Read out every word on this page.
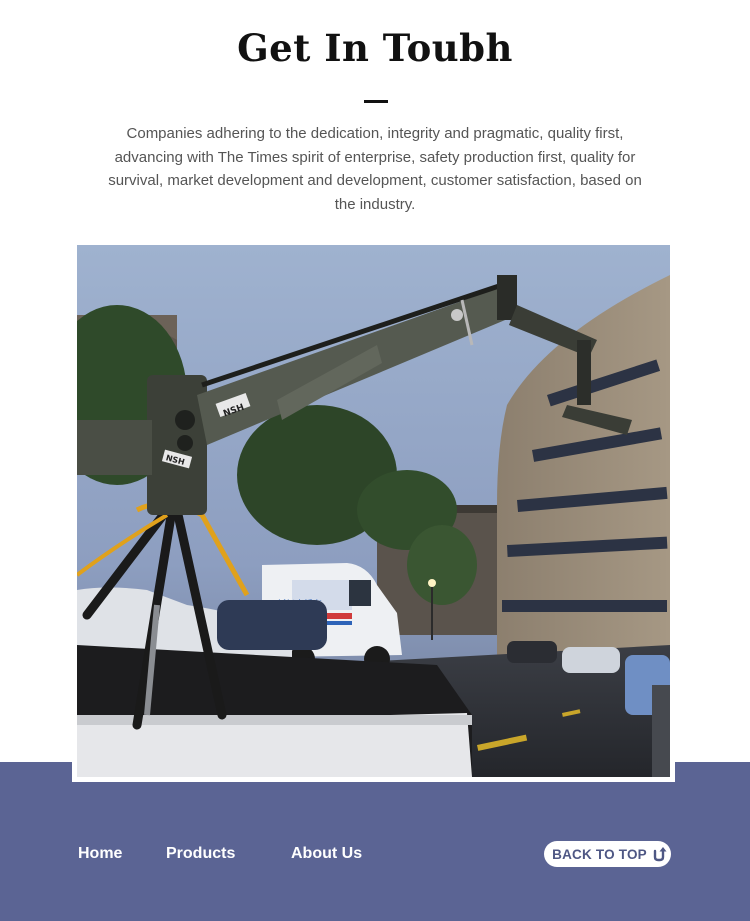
Get In Toubh

Companies adhering to the dedication, integrity and pragmatic, quality first, advancing with The Times spirit of enterprise, safety production first, quality for survival, market development and development, customer satisfaction, based on the industry.

NSH
NSH
Home	Products	About Us	BACK TO TOP
